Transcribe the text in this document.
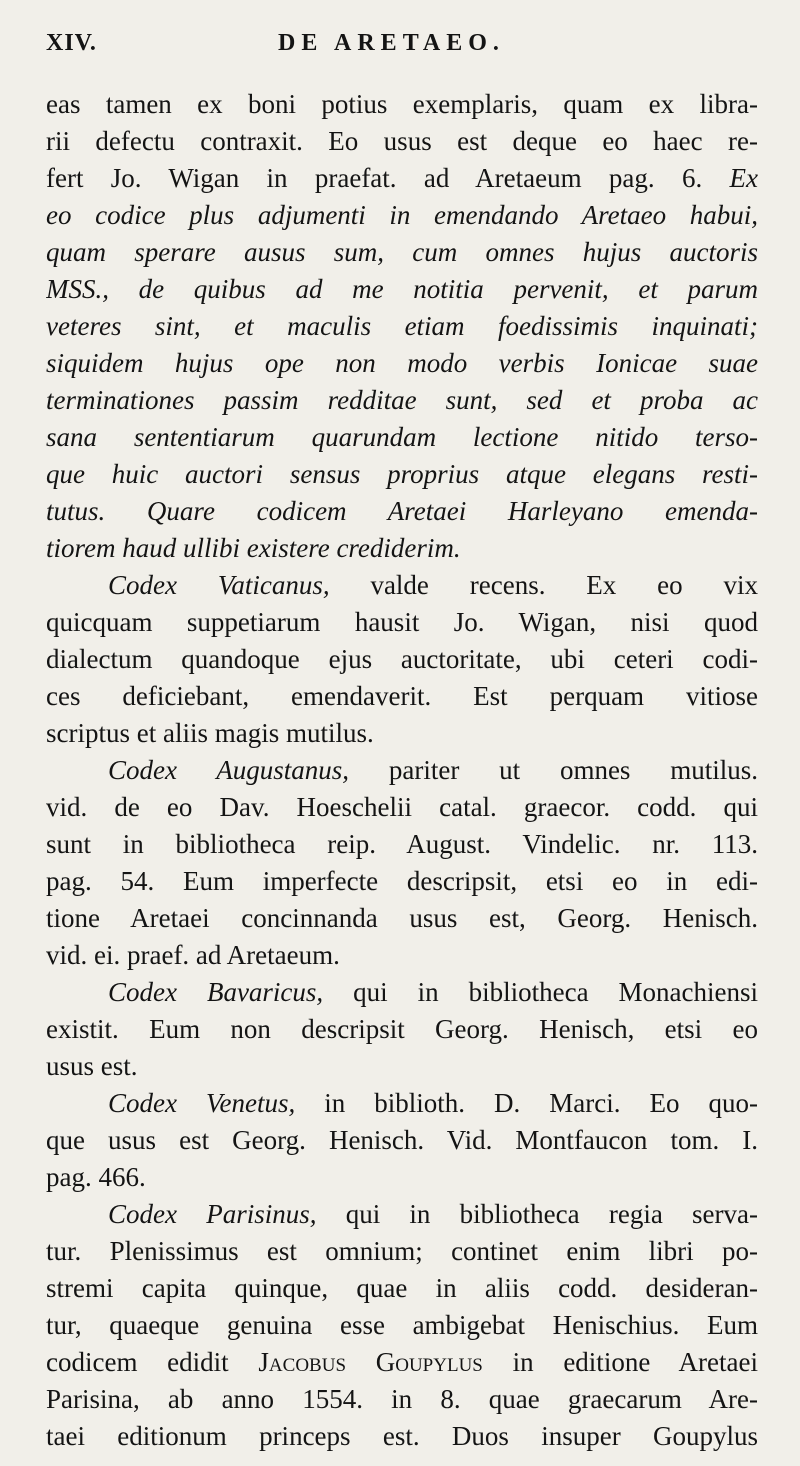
XIV.	DE ARETAEO.
eas tamen ex boni potius exemplaris, quam ex libra-
rii defectu contraxit. Eo usus est deque eo haec re-
fert Jo. Wigan in praefat. ad Aretaeum pag. 6. Ex
eo codice plus adjumenti in emendando Aretaeo habui,
quam sperare ausus sum, cum omnes hujus auctoris
MSS., de quibus ad me notitia pervenit, et parum
veteres sint, et maculis etiam foedissimis inquinati;
siquidem hujus ope non modo verbis Ionicae suae
terminationes passim redditae sunt, sed et proba ac
sana sententiarum quarundam lectione nitido terso-
que huic auctori sensus proprius atque elegans resti-
tutus. Quare codicem Aretaei Harleyano emenda-
tiorem haud ullibi existere crediderim.
Codex Vaticanus, valde recens. Ex eo vix
quicquam suppetiarum hausit Jo. Wigan, nisi quod
dialectum quandoque ejus auctoritate, ubi ceteri codi-
ces deficiebant, emendaverit. Est perquam vitiose
scriptus et aliis magis mutilus.
Codex Augustanus, pariter ut omnes mutilus.
vid. de eo Dav. Hoeschelii catal. graecor. codd. qui
sunt in bibliotheca reip. August. Vindelic. nr. 113.
pag. 54. Eum imperfecte descripsit, etsi eo in edi-
tione Aretaei concinnanda usus est, Georg. Henisch.
vid. ei. praef. ad Aretaeum.
Codex Bavaricus, qui in bibliotheca Monachiensi
existit. Eum non descripsit Georg. Henisch, etsi eo
usus est.
Codex Venetus, in biblioth. D. Marci. Eo quo-
que usus est Georg. Henisch. Vid. Montfaucon tom. I.
pag. 466.
Codex Parisinus, qui in bibliotheca regia serva-
tur. Plenissimus est omnium; continet enim libri po-
stremi capita quinque, quae in aliis codd. desideran-
tur, quaeque genuina esse ambigebat Henischius. Eum
codicem edidit Jacobus Goupylus in editione Aretaei
Parisina, ab anno 1554. in 8. quae graecarum Are-
taei editionum princeps est. Duos insuper Goupylus
